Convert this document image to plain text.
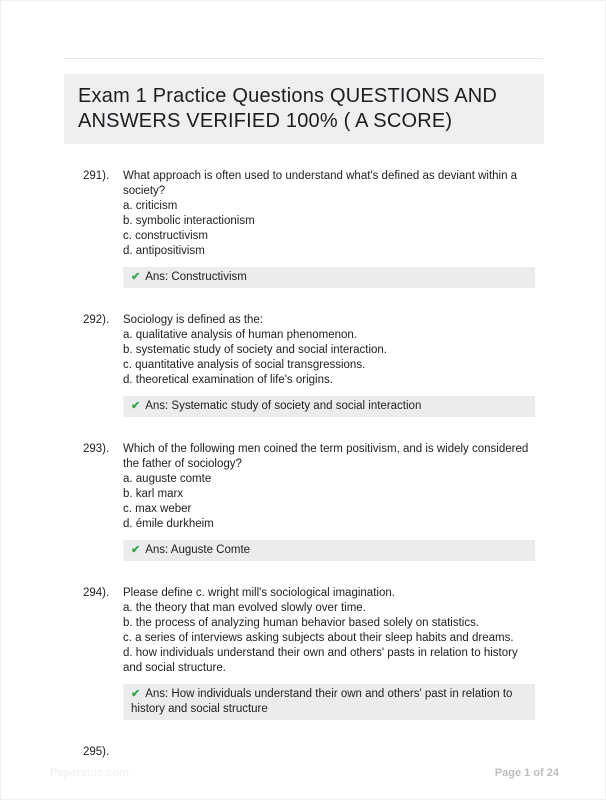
Exam 1 Practice Questions QUESTIONS AND ANSWERS VERIFIED 100% ( A SCORE)
291).	What approach is often used to understand what's defined as deviant within a society?
a. criticism
b. symbolic interactionism
c. constructivism
d. antipositivism
✔ Ans: Constructivism
292).	Sociology is defined as the:
a. qualitative analysis of human phenomenon.
b. systematic study of society and social interaction.
c. quantitative analysis of social transgressions.
d. theoretical examination of life's origins.
✔ Ans: Systematic study of society and social interaction
293).	Which of the following men coined the term positivism, and is widely considered the father of sociology?
a. auguste comte
b. karl marx
c. max weber
d. émile durkheim
✔ Ans: Auguste Comte
294).	Please define c. wright mill's sociological imagination.
a. the theory that man evolved slowly over time.
b. the process of analyzing human behavior based solely on statistics.
c. a series of interviews asking subjects about their sleep habits and dreams.
d. how individuals understand their own and others' pasts in relation to history and social structure.
✔ Ans: How individuals understand their own and others' past in relation to history and social structure
295).
Paperstoc.com	Page 1 of 24
